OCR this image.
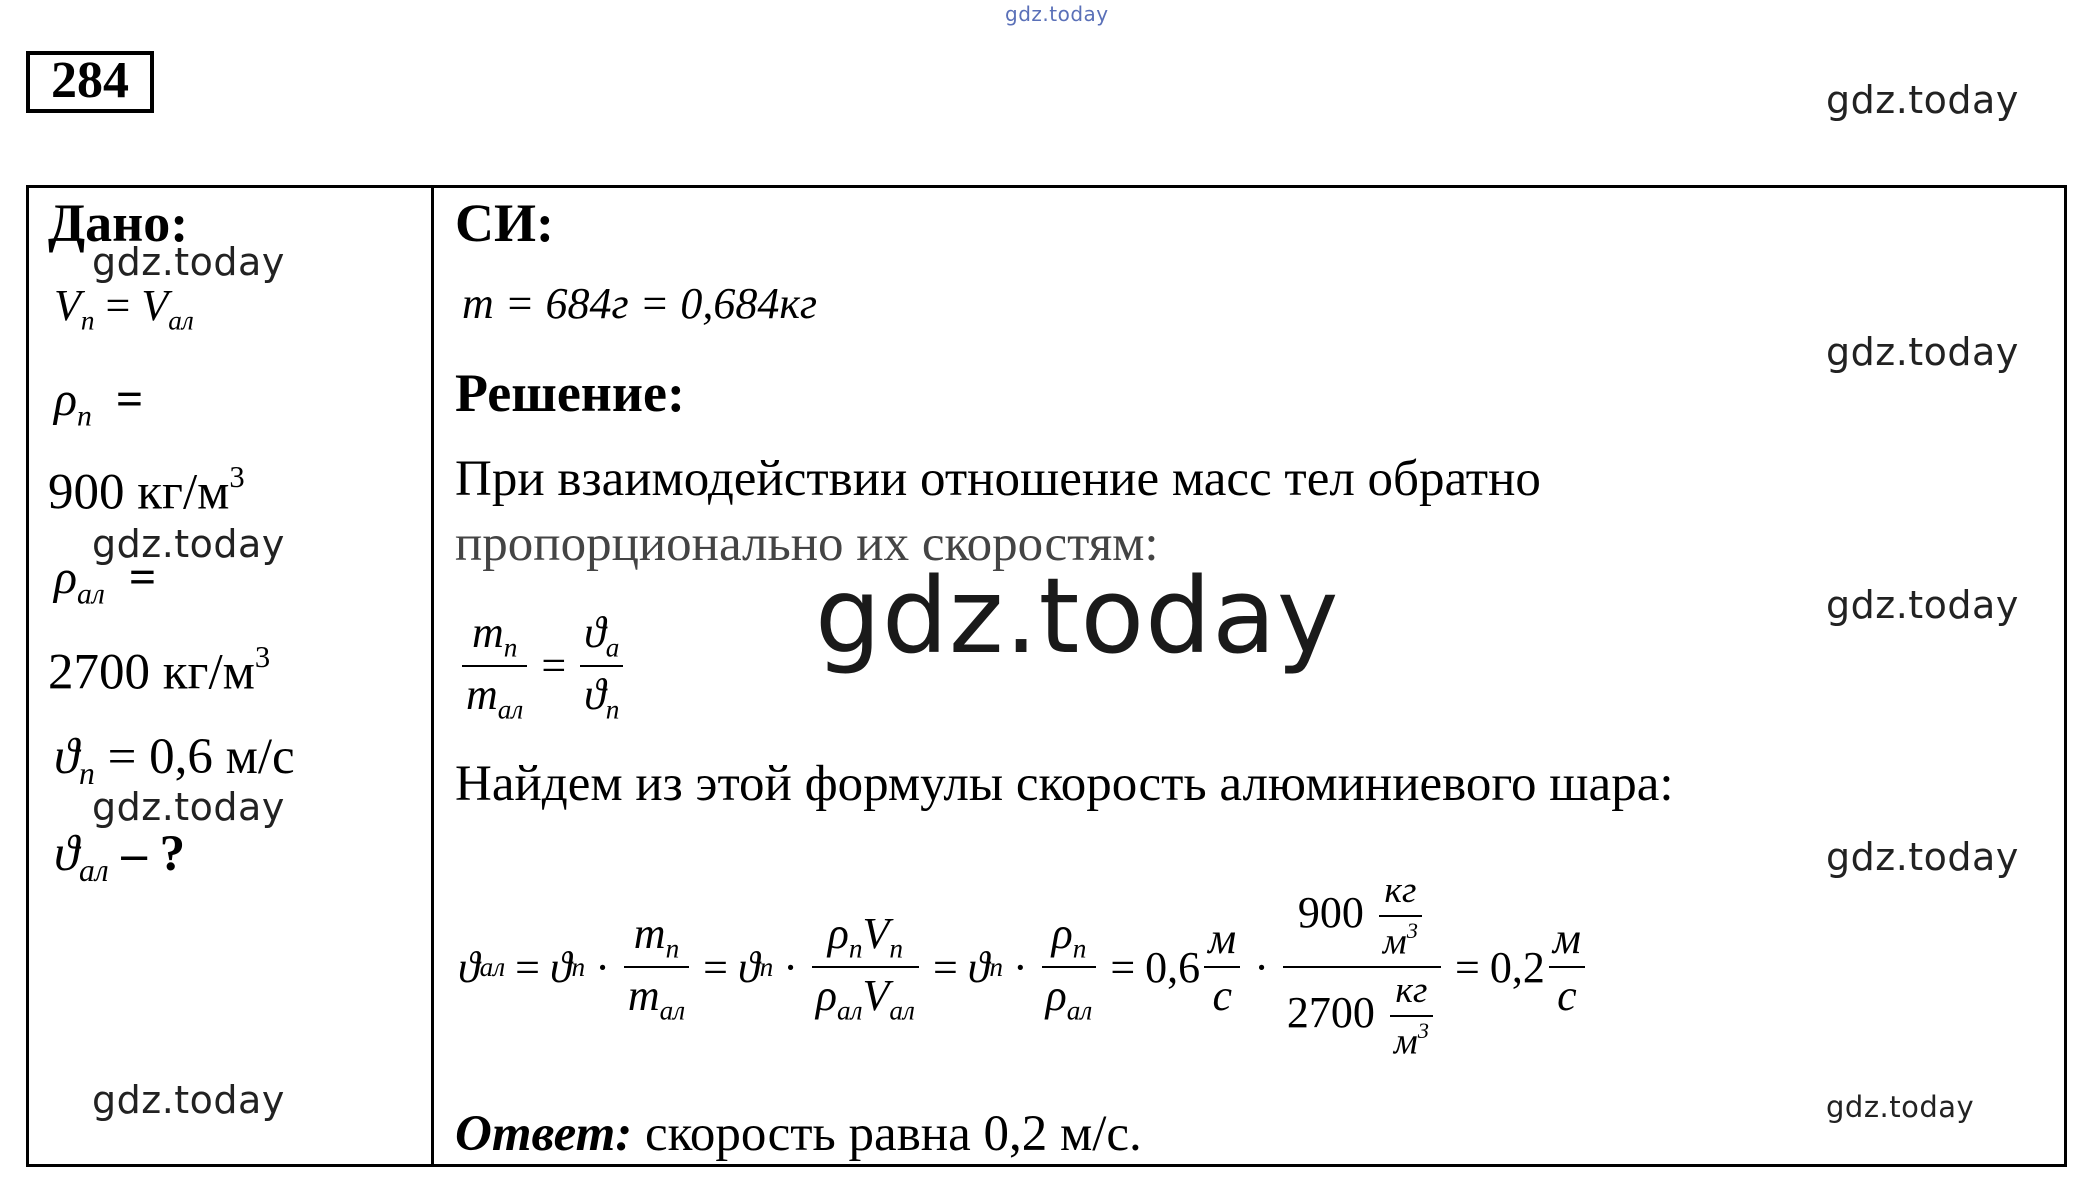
gdz.today
gdz.today
gdz.today
gdz.today
gdz.today
gdz.today
gdz.today
gdz.today
gdz.today
gdz.today
284
Дано:
$V_п = V_{ал}$
$\rho_п$ =
900 $кг/м^3$
$\rho_{ал}$ =
2700 $кг/м^3$
$ϑ_п = 0,6$ м/с
$ϑ_{ал}$ – ?
СИ:
m = 684г = 0,684кг
Решение:
При взаимодействии отношение масс тел обратно
пропорционально их скоростям:
gdz.today
$\frac{m_п}{m_{ал}} = \frac{ϑ_а}{ϑ_п}$
Найдем из этой формулы скорость алюминиевого шара:
ϑ ал = ϑ $п \cdot \frac{m_п}{m_{ал}} = ϑ$ $п \cdot \frac{\rho_пV_п}{\rho_{ал}V_{ал}} = ϑ$ $п \cdot \frac{\rho_п}{\rho_{ал}} = 0,6 \frac{м}{с} \cdot \frac{900 \frac{кг}{м^3}}{2700 \frac{кг}{м^3}} = 0,2 \frac{м}{с}$
Ответ: скорость равна 0,2 м/с.
